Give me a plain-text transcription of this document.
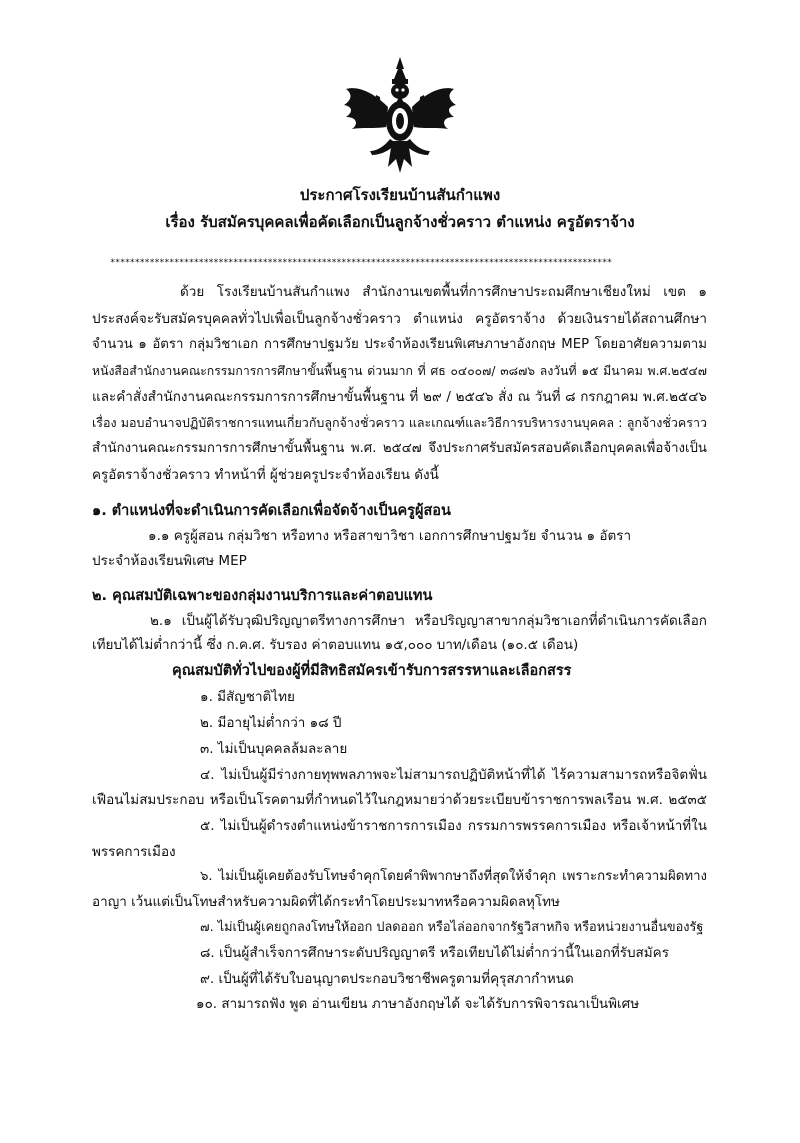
ประกาศโรงเรียนบ้านสันกำแพง
เรื่อง รับสมัครบุคคลเพื่อคัดเลือกเป็นลูกจ้างชั่วคราว ตำแหน่ง ครูอัตราจ้าง
******************************************************************************************************
ด้วย โรงเรียนบ้านสันกำแพง สำนักงานเขตพื้นที่การศึกษาประถมศึกษาเชียงใหม่ เขต ๑
ประสงค์จะรับสมัครบุคคลทั่วไปเพื่อเป็นลูกจ้างชั่วคราว ตำแหน่ง ครูอัตราจ้าง ด้วยเงินรายได้สถานศึกษา
จำนวน ๑ อัตรา กลุ่มวิชาเอก การศึกษาปฐมวัย ประจำห้องเรียนพิเศษภาษาอังกฤษ MEP โดยอาศัยความตาม
หนังสือสำนักงานคณะกรรมการการศึกษาขั้นพื้นฐาน ด่วนมาก ที่ ศธ ๐๔๐๐๗/ ๓๘๗๖ ลงวันที่ ๑๕ มีนาคม พ.ศ.๒๕๔๗
และคำสั่งสำนักงานคณะกรรมการการศึกษาขั้นพื้นฐาน ที่ ๒๙ / ๒๕๔๖ สั่ง ณ วันที่ ๘ กรกฎาคม พ.ศ.๒๕๔๖
เรื่อง มอบอำนาจปฏิบัติราชการแทนเกี่ยวกับลูกจ้างชั่วคราว และเกณฑ์และวิธีการบริหารงานบุคคล : ลูกจ้างชั่วคราว
สำนักงานคณะกรรมการการศึกษาขั้นพื้นฐาน พ.ศ. ๒๕๔๗ จึงประกาศรับสมัครสอบคัดเลือกบุคคลเพื่อจ้างเป็น
ครูอัตราจ้างชั่วคราว ทำหน้าที่ ผู้ช่วยครูประจำห้องเรียน ดังนี้
๑. ตำแหน่งที่จะดำเนินการคัดเลือกเพื่อจัดจ้างเป็นครูผู้สอน
๑.๑ ครูผู้สอน กลุ่มวิชา หรือทาง หรือสาขาวิชา เอกการศึกษาปฐมวัย จำนวน ๑ อัตรา
ประจำห้องเรียนพิเศษ MEP
๒. คุณสมบัติเฉพาะของกลุ่มงานบริการและค่าตอบแทน
๒.๑ เป็นผู้ได้รับวุฒิปริญญาตรีทางการศึกษา หรือปริญญาสาขากลุ่มวิชาเอกที่ดำเนินการคัดเลือก
เทียบได้ไม่ต่ำกว่านี้ ซึ่ง ก.ค.ศ. รับรอง ค่าตอบแทน ๑๕,๐๐๐ บาท/เดือน (๑๐.๕ เดือน)
คุณสมบัติทั่วไปของผู้ที่มีสิทธิสมัครเข้ารับการสรรหาและเลือกสรร
๑. มีสัญชาติไทย
๒. มีอายุไม่ต่ำกว่า ๑๘ ปี
๓. ไม่เป็นบุคคลล้มละลาย
๔. ไม่เป็นผู้มีร่างกายทุพพลภาพจะไม่สามารถปฏิบัติหน้าที่ได้ ไร้ความสามารถหรือจิตฟั่น
เฟือนไม่สมประกอบ หรือเป็นโรคตามที่กำหนดไว้ในกฎหมายว่าด้วยระเบียบข้าราชการพลเรือน พ.ศ. ๒๕๓๕
๕. ไม่เป็นผู้ดำรงตำแหน่งข้าราชการการเมือง กรรมการพรรคการเมือง หรือเจ้าหน้าที่ใน
พรรคการเมือง
๖. ไม่เป็นผู้เคยต้องรับโทษจำคุกโดยคำพิพากษาถึงที่สุดให้จำคุก เพราะกระทำความผิดทาง
อาญา เว้นแต่เป็นโทษสำหรับความผิดที่ได้กระทำโดยประมาทหรือความผิดลหุโทษ
๗. ไม่เป็นผู้เคยถูกลงโทษให้ออก ปลดออก หรือไล่ออกจากรัฐวิสาหกิจ หรือหน่วยงานอื่นของรัฐ
๘. เป็นผู้สำเร็จการศึกษาระดับปริญญาตรี หรือเทียบได้ไม่ต่ำกว่านี้ในเอกที่รับสมัคร
๙. เป็นผู้ที่ได้รับใบอนุญาตประกอบวิชาชีพครูตามที่คุรุสภากำหนด
๑๐. สามารถฟัง พูด อ่านเขียน ภาษาอังกฤษได้ จะได้รับการพิจารณาเป็นพิเศษ
